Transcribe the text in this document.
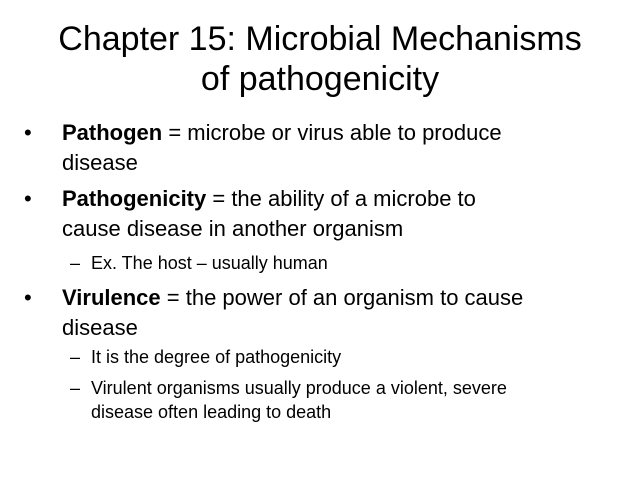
Chapter 15: Microbial Mechanisms
of pathogenicity
•	Pathogen = microbe or virus able to produce
disease
•	Pathogenicity = the ability of a microbe to
cause disease in another organism
– Ex. The host – usually human
•	Virulence = the power of an organism to cause
disease
– It is the degree of pathogenicity
– Virulent organisms usually produce a violent, severe
disease often leading to death
